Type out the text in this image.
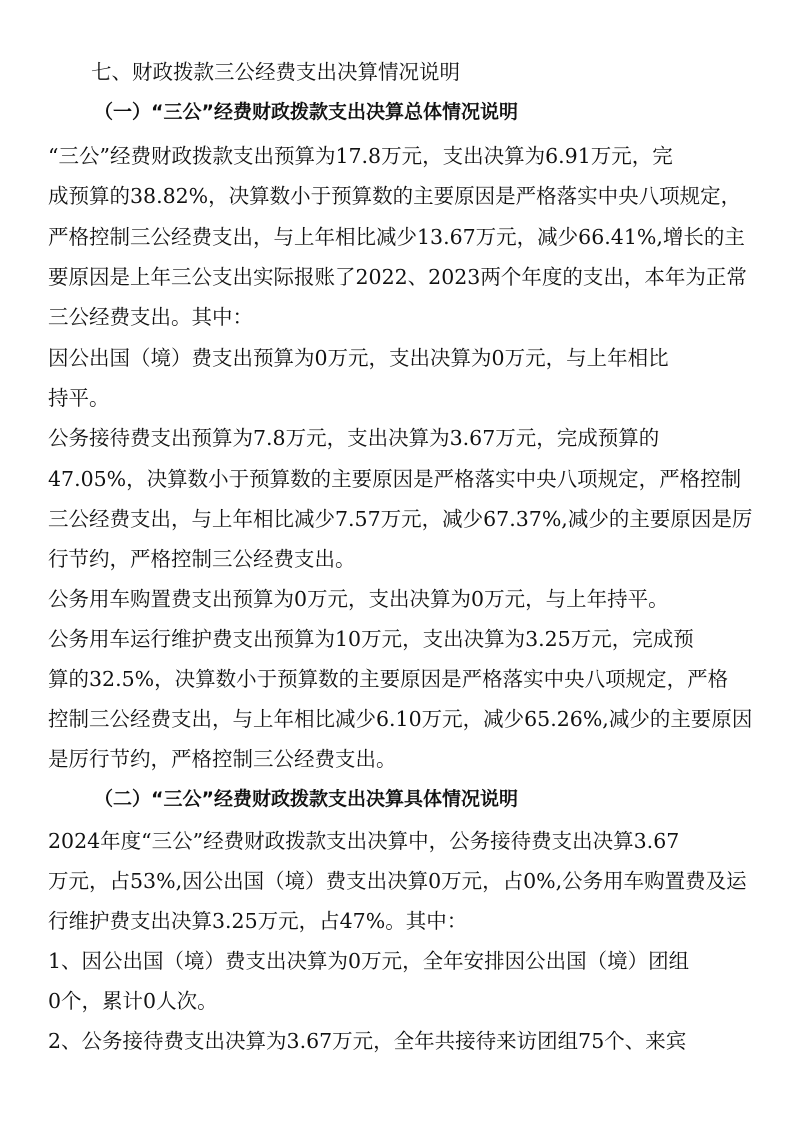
七、财政拨款三公经费支出决算情况说明
（一）“三公”经费财政拨款支出决算总体情况说明
“三公”经费财政拨款支出预算为17.8万元，支出决算为6.91万元，完
成预算的38.82%，决算数小于预算数的主要原因是严格落实中央八项规定，
严格控制三公经费支出，与上年相比减少13.67万元，减少66.41%,增长的主
要原因是上年三公支出实际报账了2022、2023两个年度的支出，本年为正常
三公经费支出。其中：
因公出国（境）费支出预算为0万元，支出决算为0万元，与上年相比
持平。
公务接待费支出预算为7.8万元，支出决算为3.67万元，完成预算的
47.05%，决算数小于预算数的主要原因是严格落实中央八项规定，严格控制
三公经费支出，与上年相比减少7.57万元，减少67.37%,减少的主要原因是厉
行节约，严格控制三公经费支出。
公务用车购置费支出预算为0万元，支出决算为0万元，与上年持平。
公务用车运行维护费支出预算为10万元，支出决算为3.25万元，完成预
算的32.5%，决算数小于预算数的主要原因是严格落实中央八项规定，严格
控制三公经费支出，与上年相比减少6.10万元，减少65.26%,减少的主要原因
是厉行节约，严格控制三公经费支出。
（二）“三公”经费财政拨款支出决算具体情况说明
2024年度“三公”经费财政拨款支出决算中，公务接待费支出决算3.67
万元，占53%,因公出国（境）费支出决算0万元，占0%,公务用车购置费及运
行维护费支出决算3.25万元，占47%。其中：
1、因公出国（境）费支出决算为0万元，全年安排因公出国（境）团组
0个，累计0人次。
2、公务接待费支出决算为3.67万元，全年共接待来访团组75个、来宾
